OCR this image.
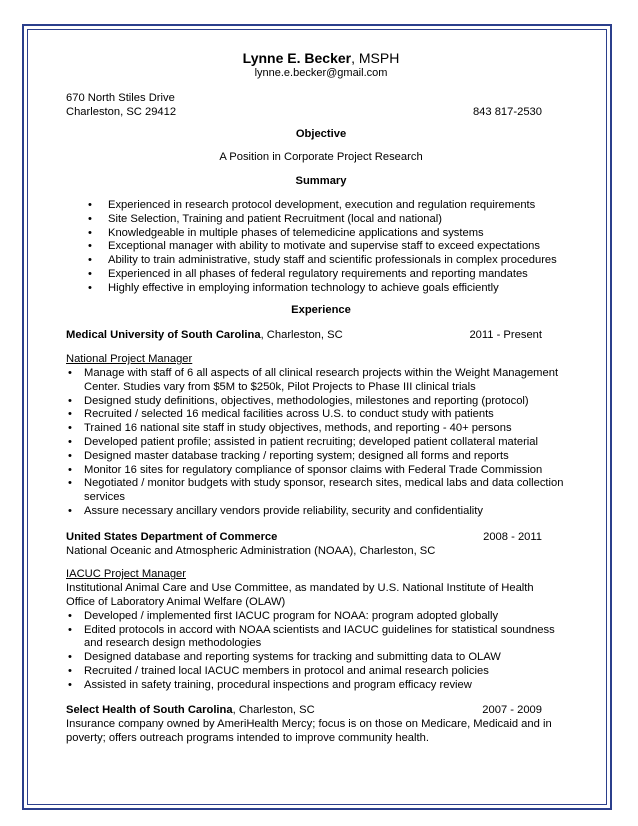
Lynne E. Becker, MSPH
lynne.e.becker@gmail.com
670 North Stiles Drive
Charleston, SC 29412	843 817-2530
Objective
A Position in Corporate Project Research
Summary
• Experienced in research protocol development, execution and regulation requirements
• Site Selection, Training and patient Recruitment (local and national)
• Knowledgeable in multiple phases of telemedicine applications and systems
• Exceptional manager with ability to motivate and supervise staff to exceed expectations
• Ability to train administrative, study staff and scientific professionals in complex procedures
• Experienced in all phases of federal regulatory requirements and reporting mandates
• Highly effective in employing information technology to achieve goals efficiently
Experience
Medical University of South Carolina, Charleston, SC	2011 - Present
National Project Manager
• Manage with staff of 6 all aspects of all clinical research projects within the Weight Management Center. Studies vary from $5M to $250k, Pilot Projects to Phase III clinical trials
• Designed study definitions, objectives, methodologies, milestones and reporting (protocol)
• Recruited / selected 16 medical facilities across U.S. to conduct study with patients
• Trained 16 national site staff in study objectives, methods, and reporting - 40+ persons
• Developed patient profile; assisted in patient recruiting; developed patient collateral material
• Designed master database tracking / reporting system; designed all forms and reports
• Monitor 16 sites for regulatory compliance of sponsor claims with Federal Trade Commission
• Negotiated / monitor budgets with study sponsor, research sites, medical labs and data collection services
• Assure necessary ancillary vendors provide reliability, security and confidentiality
United States Department of Commerce	2008 - 2011
National Oceanic and Atmospheric Administration (NOAA), Charleston, SC
IACUC Project Manager
Institutional Animal Care and Use Committee, as mandated by U.S. National Institute of Health
Office of Laboratory Animal Welfare (OLAW)
• Developed / implemented first IACUC program for NOAA: program adopted globally
• Edited protocols in accord with NOAA scientists and IACUC guidelines for statistical soundness and research design methodologies
• Designed database and reporting systems for tracking and submitting data to OLAW
• Recruited / trained local IACUC members in protocol and animal research policies
• Assisted in safety training, procedural inspections and program efficacy review
Select Health of South Carolina, Charleston, SC	2007 - 2009
Insurance company owned by AmeriHealth Mercy; focus is on those on Medicare, Medicaid and in
poverty; offers outreach programs intended to improve community health.
